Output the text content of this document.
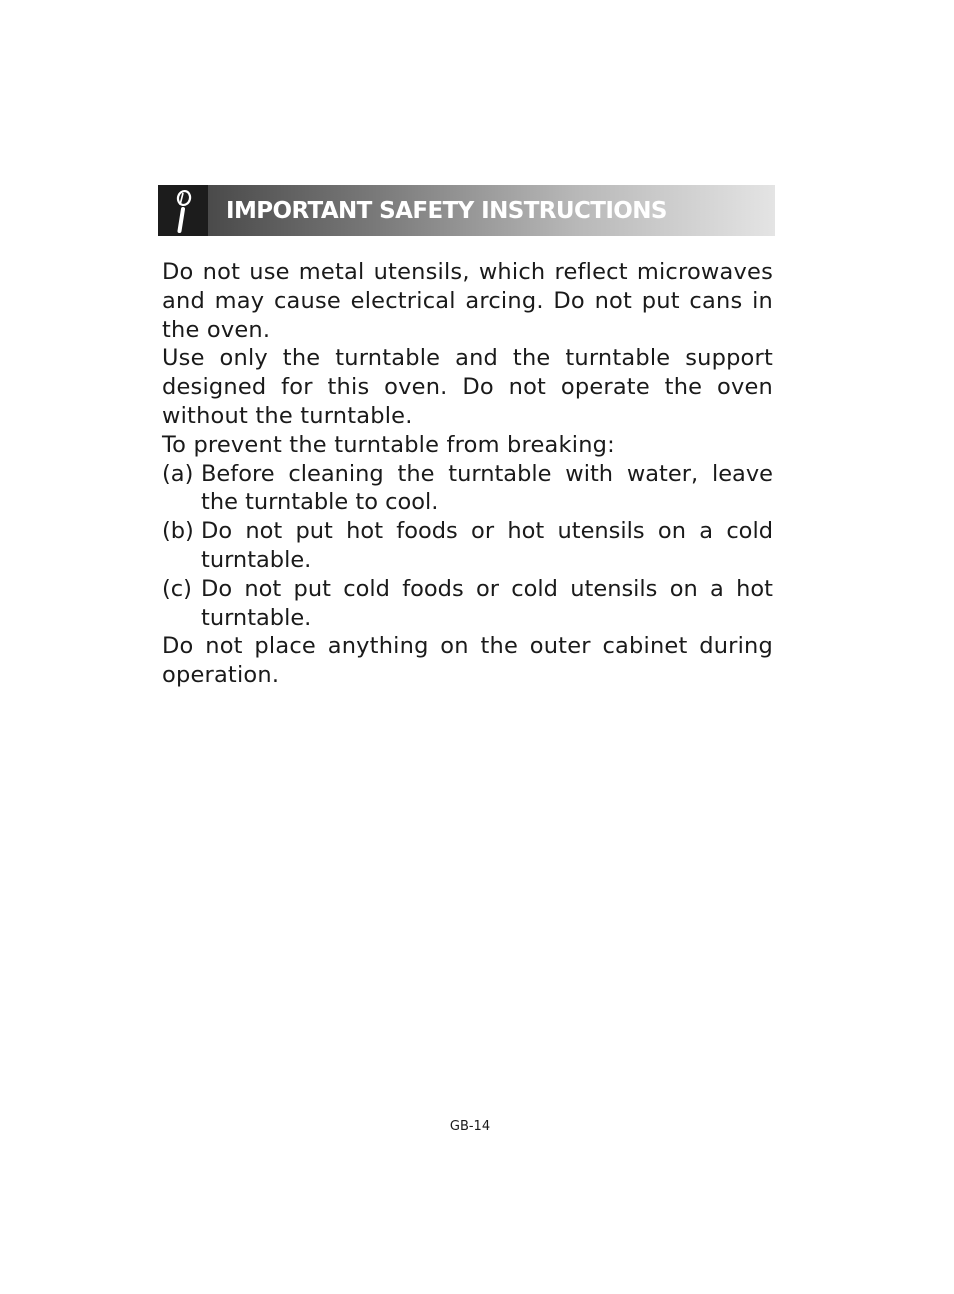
IMPORTANT SAFETY INSTRUCTIONS

Do not use metal utensils, which reflect microwaves and may cause electrical arcing. Do not put cans in the oven.

Use only the turntable and the turntable support designed for this oven. Do not operate the oven without the turntable.

To prevent the turntable from breaking:

(a) Before cleaning the turntable with water, leave the turntable to cool.
(b) Do not put hot foods or hot utensils on a cold turntable.
(c) Do not put cold foods or cold utensils on a hot turntable.

Do not place anything on the outer cabinet during operation.

GB-14
